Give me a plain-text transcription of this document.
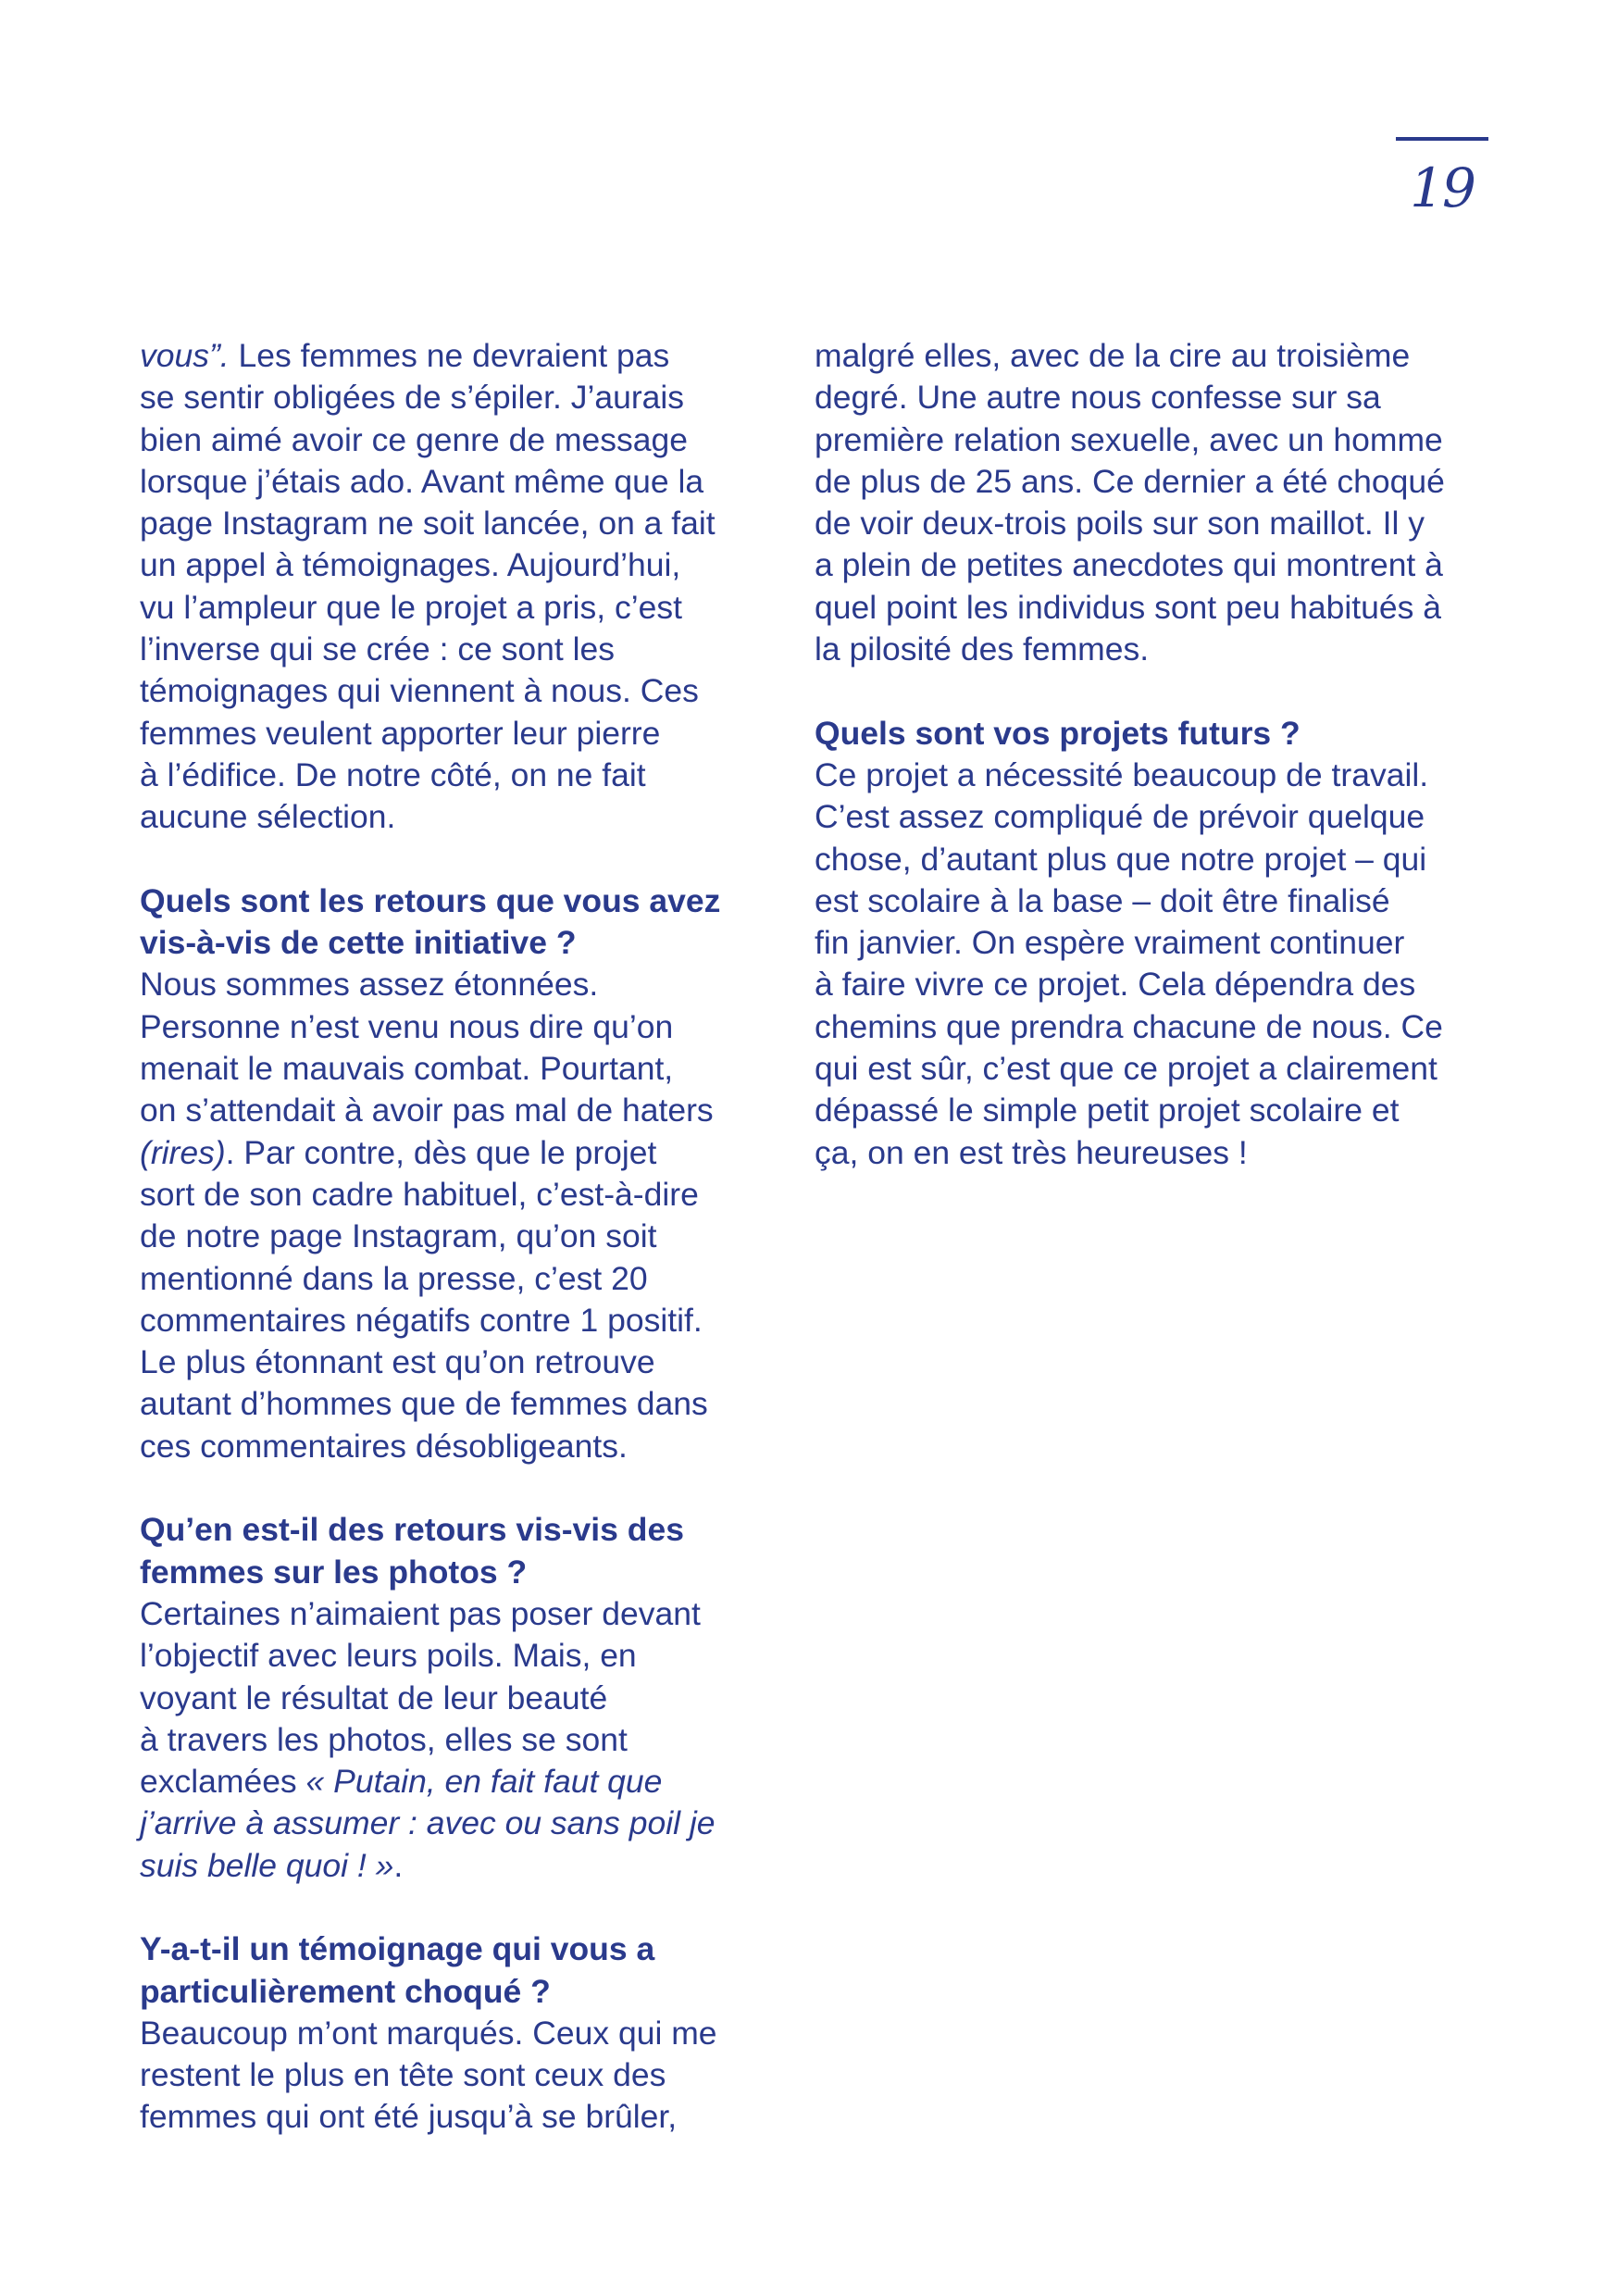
19
vous”. Les femmes ne devraient pas
se sentir obligées de s’épiler. J’aurais
bien aimé avoir ce genre de message
lorsque j’étais ado. Avant même que la
page Instagram ne soit lancée, on a fait
un appel à témoignages. Aujourd’hui,
vu l’ampleur que le projet a pris, c’est
l’inverse qui se crée : ce sont les
témoignages qui viennent à nous. Ces
femmes veulent apporter leur pierre
à l’édifice. De notre côté, on ne fait
aucune sélection.
Quels sont les retours que vous avez
vis-à-vis de cette initiative ?
Nous sommes assez étonnées.
Personne n’est venu nous dire qu’on
menait le mauvais combat. Pourtant,
on s’attendait à avoir pas mal de haters
(rires). Par contre, dès que le projet
sort de son cadre habituel, c’est-à-dire
de notre page Instagram, qu’on soit
mentionné dans la presse, c’est 20
commentaires négatifs contre 1 positif.
Le plus étonnant est qu’on retrouve
autant d’hommes que de femmes dans
ces commentaires désobligeants.
Qu’en est-il des retours vis-vis des
femmes sur les photos ?
Certaines n’aimaient pas poser devant
l’objectif avec leurs poils. Mais, en
voyant le résultat de leur beauté
à travers les photos, elles se sont
exclamées « Putain, en fait faut que
j’arrive à assumer : avec ou sans poil je
suis belle quoi ! ».
Y-a-t-il un témoignage qui vous a
particulièrement choqué ?
Beaucoup m’ont marqués. Ceux qui me
restent le plus en tête sont ceux des
femmes qui ont été jusqu’à se brûler,
malgré elles, avec de la cire au troisième
degré. Une autre nous confesse sur sa
première relation sexuelle, avec un homme
de plus de 25 ans. Ce dernier a été choqué
de voir deux-trois poils sur son maillot. Il y
a plein de petites anecdotes qui montrent à
quel point les individus sont peu habitués à
la pilosité des femmes.
Quels sont vos projets futurs ?
Ce projet a nécessité beaucoup de travail.
C’est assez compliqué de prévoir quelque
chose, d’autant plus que notre projet – qui
est scolaire à la base – doit être finalisé
fin janvier. On espère vraiment continuer
à faire vivre ce projet. Cela dépendra des
chemins que prendra chacune de nous. Ce
qui est sûr, c’est que ce projet a clairement
dépassé le simple petit projet scolaire et
ça, on en est très heureuses !
